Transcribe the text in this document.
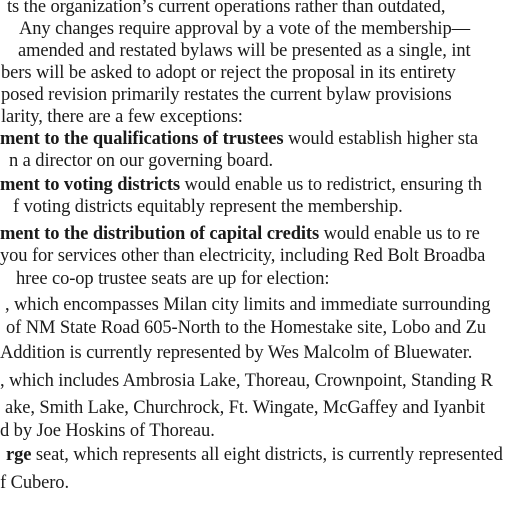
ts the organization’s current operations rather than outdated,
Any changes require approval by a vote of the membership—
amended and restated bylaws will be presented as a single, int
bers will be asked to adopt or reject the proposal in its entirety
posed revision primarily restates the current bylaw provisions
larity, there are a few exceptions:
ment to the qualifications of trustees would establish higher sta
n a director on our governing board.
ment to voting districts would enable us to redistrict, ensuring th
f voting districts equitably represent the membership.
ment to the distribution of capital credits would enable us to re
you for services other than electricity, including Red Bolt Broadba
hree co-op trustee seats are up for election:
, which encompasses Milan city limits and immediate surrounding
of NM State Road 605-North to the Homestake site, Lobo and Zu
Addition is currently represented by Wes Malcolm of Bluewater.
, which includes Ambrosia Lake, Thoreau, Crownpoint, Standing R
ake, Smith Lake, Churchrock, Ft. Wingate, McGaffey and Iyanbit
d by Joe Hoskins of Thoreau.
rge seat, which represents all eight districts, is currently represented
f Cubero.
